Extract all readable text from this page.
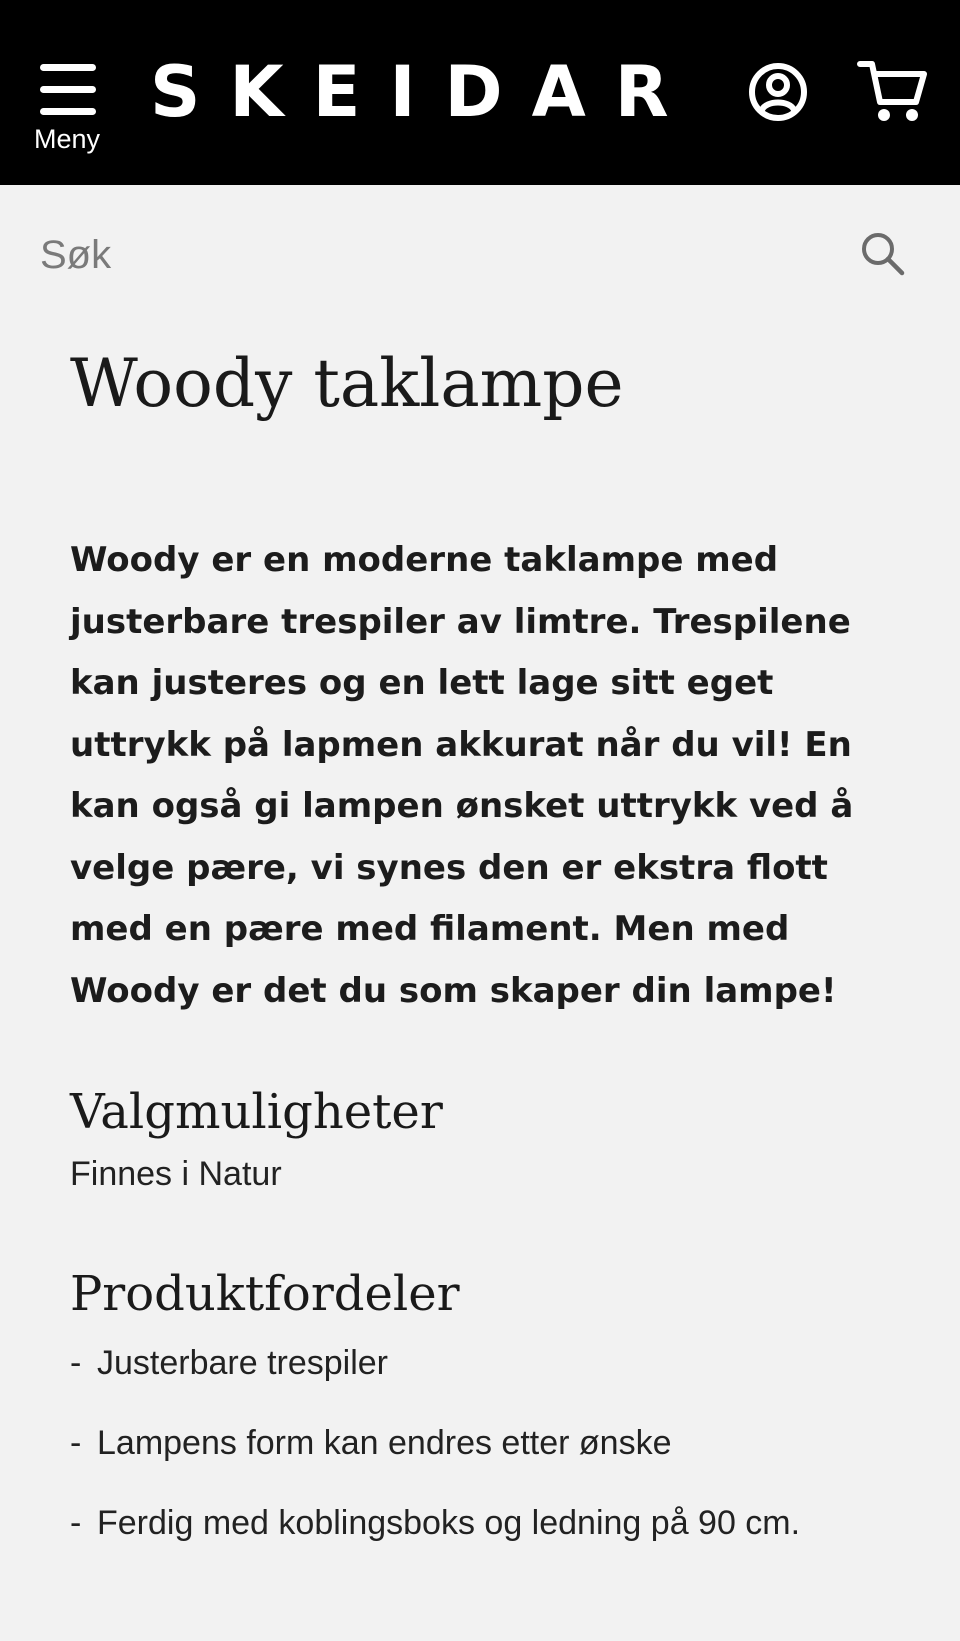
Meny
SKEIDAR
Søk
Woody taklampe

Woody er en moderne taklampe med justerbare trespiler av limtre. Trespilene kan justeres og en lett lage sitt eget uttrykk på lapmen akkurat når du vil! En kan også gi lampen ønsket uttrykk ved å velge pære, vi synes den er ekstra flott med en pære med filament. Men med Woody er det du som skaper din lampe!

Valgmuligheter

Finnes i Natur

Produktfordeler
- Justerbare trespiler
- Lampens form kan endres etter ønske
- Ferdig med koblingsboks og ledning på 90 cm.
